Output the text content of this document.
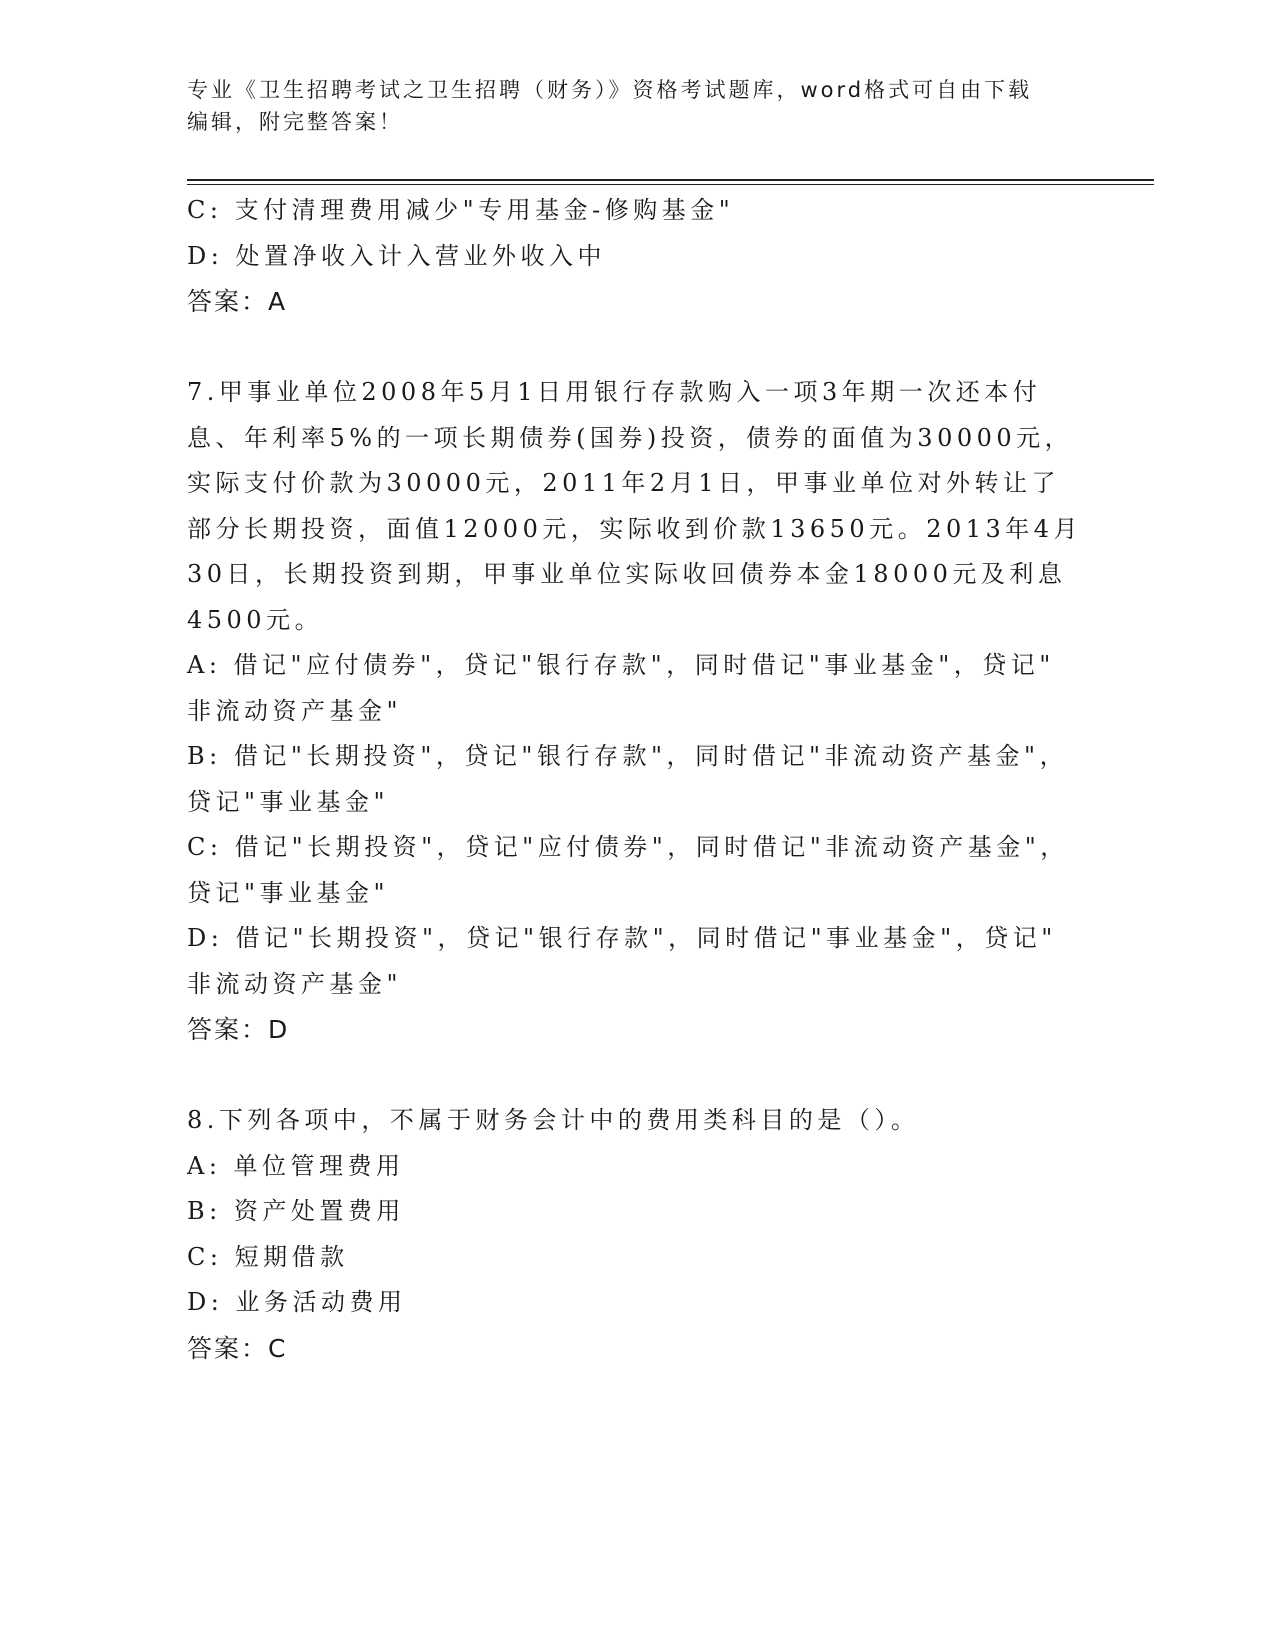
专业《卫生招聘考试之卫生招聘（财务）》资格考试题库，word格式可自由下载
编辑，附完整答案！
C: 支付清理费用减少"专用基金-修购基金"
D: 处置净收入计入营业外收入中
答案：A
7.甲事业单位2008年5月1日用银行存款购入一项3年期一次还本付
息、年利率5%的一项长期债券(国券)投资，债券的面值为30000元，
实际支付价款为30000元，2011年2月1日，甲事业单位对外转让了
部分长期投资，面值12000元，实际收到价款13650元。2013年4月
30日，长期投资到期，甲事业单位实际收回债券本金18000元及利息
4500元。
A: 借记"应付债券"，贷记"银行存款"，同时借记"事业基金"，贷记"
非流动资产基金"
B: 借记"长期投资"，贷记"银行存款"，同时借记"非流动资产基金"，
贷记"事业基金"
C: 借记"长期投资"，贷记"应付债券"，同时借记"非流动资产基金"，
贷记"事业基金"
D: 借记"长期投资"，贷记"银行存款"，同时借记"事业基金"，贷记"
非流动资产基金"
答案：D
8.下列各项中，不属于财务会计中的费用类科目的是（）。
A: 单位管理费用
B: 资产处置费用
C: 短期借款
D: 业务活动费用
答案：C
